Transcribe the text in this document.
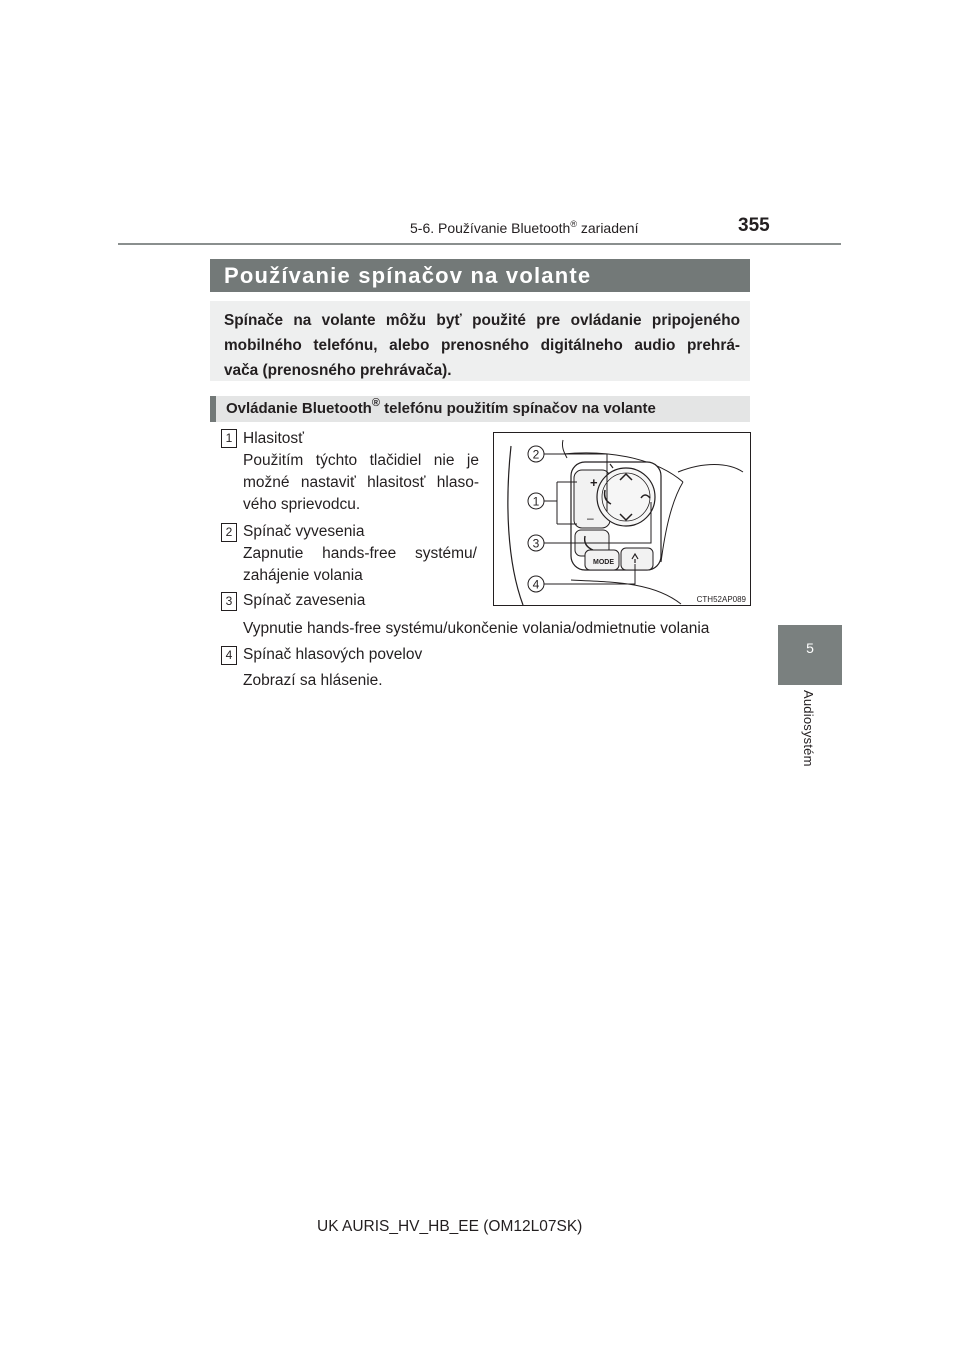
5-6. Používanie Bluetooth® zariadení	355
5
Audiosystém
Používanie spínačov na volante
Spínače na volante môžu byť použité pre ovládanie pripojeného
mobilného telefónu, alebo prenosného digitálneho audio prehrá-
vača (prenosného prehrávača).
Ovládanie Bluetooth® telefónu použitím spínačov na volante
1 Hlasitosť
Použitím týchto tlačidiel nie je
možné nastaviť hlasitosť hlaso-
vého sprievodcu.
2 Spínač vyvesenia
Zapnutie hands-free systému/
zahájenie volania
3 Spínač zavesenia
Vypnutie hands-free systému/ukončenie volania/odmietnutie volania
4 Spínač hlasových povelov
Zobrazí sa hlásenie.
+
–
MODE
2
1
3
4
CTH52AP089
UK AURIS_HV_HB_EE (OM12L07SK)
